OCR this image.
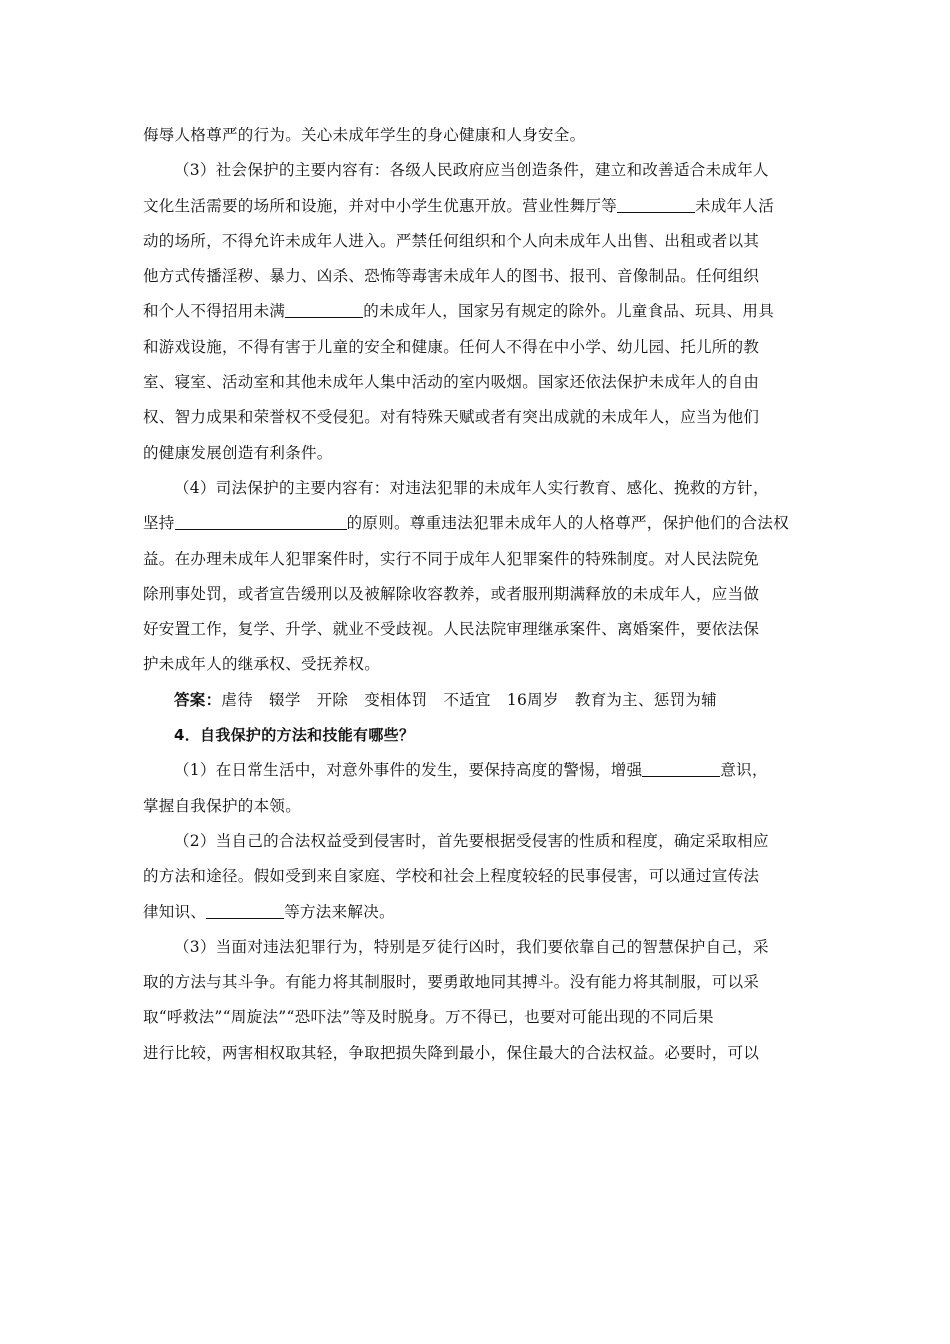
侮辱人格尊严的行为。关心未成年学生的身心健康和人身安全。
（3）社会保护的主要内容有：各级人民政府应当创造条件，建立和改善适合未成年人
文化生活需要的场所和设施，并对中小学生优惠开放。营业性舞厅等	未成年人活
动的场所，不得允许未成年人进入。严禁任何组织和个人向未成年人出售、出租或者以其
他方式传播淫秽、暴力、凶杀、恐怖等毒害未成年人的图书、报刊、音像制品。任何组织
和个人不得招用未满	的未成年人，国家另有规定的除外。儿童食品、玩具、用具
和游戏设施，不得有害于儿童的安全和健康。任何人不得在中小学、幼儿园、托儿所的教
室、寝室、活动室和其他未成年人集中活动的室内吸烟。国家还依法保护未成年人的自由
权、智力成果和荣誉权不受侵犯。对有特殊天赋或者有突出成就的未成年人，应当为他们
的健康发展创造有利条件。
（4）司法保护的主要内容有：对违法犯罪的未成年人实行教育、感化、挽救的方针，
坚持	的原则。尊重违法犯罪未成年人的人格尊严，保护他们的合法权
益。在办理未成年人犯罪案件时，实行不同于成年人犯罪案件的特殊制度。对人民法院免
除刑事处罚，或者宣告缓刑以及被解除收容教养，或者服刑期满释放的未成年人，应当做
好安置工作，复学、升学、就业不受歧视。人民法院审理继承案件、离婚案件，要依法保
护未成年人的继承权、受抚养权。
答案：虐待 辍学 开除 变相体罚 不适宜 16周岁 教育为主、惩罚为辅
4．自我保护的方法和技能有哪些？
（1）在日常生活中，对意外事件的发生，要保持高度的警惕，增强	意识，
掌握自我保护的本领。
（2）当自己的合法权益受到侵害时，首先要根据受侵害的性质和程度，确定采取相应
的方法和途径。假如受到来自家庭、学校和社会上程度较轻的民事侵害，可以通过宣传法
律知识、	等方法来解决。
（3）当面对违法犯罪行为，特别是歹徒行凶时，我们要依靠自己的智慧保护自己，采
取的方法与其斗争。有能力将其制服时，要勇敢地同其搏斗。没有能力将其制服，可以采
取“呼救法”“周旋法”“恐吓法”等及时脱身。万不得已，也要对可能出现的不同后果
进行比较，两害相权取其轻，争取把损失降到最小，保住最大的合法权益。必要时，可以
